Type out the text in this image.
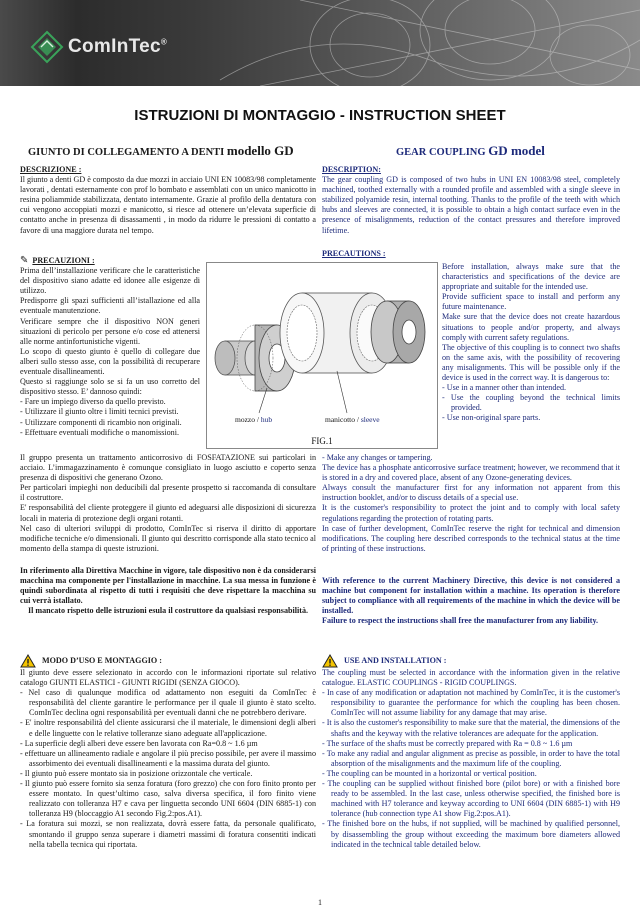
ComInTec®
ISTRUZIONI DI MONTAGGIO - INSTRUCTION SHEET
GIUNTO DI COLLEGAMENTO A DENTI modello GD	GEAR COUPLING GD model
DESCRIZIONE :

Il giunto a denti GD è composto da due mozzi in acciaio UNI EN 10083/98 completamente lavorati , dentati esternamente con prof lo bombato e assemblati con un unico manicotto in resina poliammide stabilizzata, dentato internamente. Grazie al profilo della dentatura con cui vengono accoppiati mozzi e manicotto, si riesce ad ottenere un’elevata superficie di contatto anche in presenza di disassamenti , in modo da ridurre le pressioni di contatto a favore di una maggiore durata nel tempo.

DESCRIPTION:

The gear coupling GD is composed of two hubs in UNI EN 10083/98 steel, completely machined, toothed externally with a rounded profile and assembled with a single sleeve in stabilized polyamide resin, internal toothing. Thanks to the profile of the teeth with which hubs and sleeves are connected, it is possible to obtain a high contact surface even in the presence of misalignments, reduction of the contact pressures and therefore improved lifetime.

✎ PRECAUZIONI :

Prima dell’installazione verificare che le caratteristiche del dispositivo siano adatte ed idonee alle esigenze di utilizzo.

Predisporre gli spazi sufficienti all’istallazione ed alla eventuale manutenzione.

Verificare sempre che il dispositivo NON generi situazioni di pericolo per persone e/o cose ed attenersi alle norme antinfortunistiche vigenti.

Lo scopo di questo giunto è quello di collegare due alberi sullo stesso asse, con la possibilità di recuperare eventuale disallineamenti.

Questo si raggiunge solo se si fa un uso corretto del dispositivo stesso. E’ dannoso quindi:

- Fare un impiego diverso da quello previsto.
- Utilizzare il giunto oltre i limiti tecnici previsti.
- Utilizzare componenti di ricambio non originali.
- Effettuare eventuali modifiche o manomissioni.
PRECAUTIONS :

Before installation, always make sure that the characteristics and specifications of the device are appropriate and suitable for the intended use.

Provide sufficient space to install and perform any future maintenance.

Make sure that the device does not create hazardous situations to people and/or property, and always comply with current safety regulations.

The objective of this coupling is to connect two shafts on the same axis, with the possibility of recovering any misalignments. This will be possible only if the device is used in the correct way. It is dangerous to:

- Use in a manner other than intended.
- Use the coupling beyond the technical limits provided.
- Use non-original spare parts.
mozzo / hub	manicotto / sleeve
FIG.1

Il gruppo presenta un trattamento anticorrosivo di FOSFATAZIONE sui particolari in acciaio. L’immagazzinamento è comunque consigliato in luogo asciutto e coperto senza presenza di dispositivi che generano Ozono.

Per particolari impieghi non deducibili dal presente prospetto si raccomanda di consultare il costruttore.

E' responsabilità del cliente proteggere il giunto ed adeguarsi alle disposizioni di sicurezza locali in materia di protezione degli organi rotanti.

Nel caso di ulteriori sviluppi di prodotto, ComInTec si riserva il diritto di apportare modifiche tecniche e/o dimensionali. Il giunto qui descritto corrisponde alla stato tecnico al momento della stampa di queste istruzioni.

- Make any changes or tampering.

The device has a phosphate anticorrosive surface treatment; however, we recommend that it is stored in a dry and covered place, absent of any Ozone-generating devices.

Always consult the manufacturer first for any information not apparent from this instruction booklet, and/or to discuss details of a special use.

It is the customer's responsibility to protect the joint and to comply with local safety regulations regarding the protection of rotating parts.

In case of further development, ComInTec reserve the right for technical and dimension modifications. The coupling here described corresponds to the technical status at the time of printing of these instructions.

In riferimento alla Direttiva Macchine in vigore, tale dispositivo non è da considerarsi macchina ma componente per l'installazione in macchine. La sua messa in funzione è quindi subordinata al rispetto di tutti i requisiti che deve rispettare la macchina su cui verrà istallato.

Il mancato rispetto delle istruzioni esula il costruttore da qualsiasi responsabilità.

With reference to the current Machinery Directive, this device is not considered a machine but component for installation within a machine. Its operation is therefore subject to compliance with all requirements of the machine in which the device will be installed.

Failure to respect the instructions shall free the manufacturer from any liability.

MODO D’USO E MONTAGGIO :

Il giunto deve essere selezionato in accordo con le informazioni riportate sul relativo catalogo GIUNTI ELASTICI - GIUNTI RIGIDI (SENZA GIOCO).

- Nel caso di qualunque modifica od adattamento non eseguiti da ComInTec è responsabilità del cliente garantire le performance per il quale il giunto è stato scelto. ComInTec declina ogni responsabilità per eventuali danni che ne potrebbero derivare.
- E' inoltre responsabilità del cliente assicurarsi che il materiale, le dimensioni degli alberi e delle linguette con le relative tolleranze siano adeguate all'applicazione.
- La superficie degli alberi deve essere ben lavorata con Ra=0.8 ~ 1.6 µm
- effettuare un allineamento radiale e angolare il più preciso possibile, per avere il massimo assorbimento dei eventuali disallineamenti e la massima durata del giunto.
- Il giunto può essere montato sia in posizione orizzontale che verticale.
- Il giunto può essere fornito sia senza foratura (foro grezzo) che con foro finito pronto per essere montato. In quest’ultimo caso, salva diversa specifica, il foro finito viene realizzato con tolleranza H7 e cava per linguetta secondo UNI 6604 (DIN 6885-1) con tolleranza H9 (bloccaggio A1 secondo Fig.2:pos.A1).
- La foratura sui mozzi, se non realizzata, dovrà essere fatta, da personale qualificato, smontando il gruppo senza superare i diametri massimi di foratura consentiti indicati nella tabella tecnica qui riportata.
USE AND INSTALLATION :

The coupling must be selected in accordance with the information given in the relative catalogue. ELASTIC COUPLINGS - RIGID COUPLINGS.

- In case of any modification or adaptation not machined by ComInTec, it is the customer's responsibility to guarantee the performance for which the coupling has been chosen. ComInTec will not assume liability for any damage that may arise.
- It is also the customer's responsibility to make sure that the material, the dimensions of the shafts and the keyway with the relative tolerances are adequate for the application.
- The surface of the shafts must be correctly prepared with Ra = 0.8 ~ 1.6 µm
- To make any radial and angular alignment as precise as possible, in order to have the total absorption of the misalignments and the maximum life of the coupling.
- The coupling can be mounted in a horizontal or vertical position.
- The coupling can be supplied without finished bore (pilot bore) or with a finished bore ready to be assembled. In the last case, unless otherwise specified, the finished bore is machined with H7 tolerance and keyway according to UNI 6604 (DIN 6885-1) with H9 tolerance (hub connection type A1 show Fig.2:pos.A1).
- The finished bore on the hubs, if not supplied, will be machined by qualified personnel, by disassembling the group without exceeding the maximum bore diameters allowed indicated in the technical table detailed below.
1
